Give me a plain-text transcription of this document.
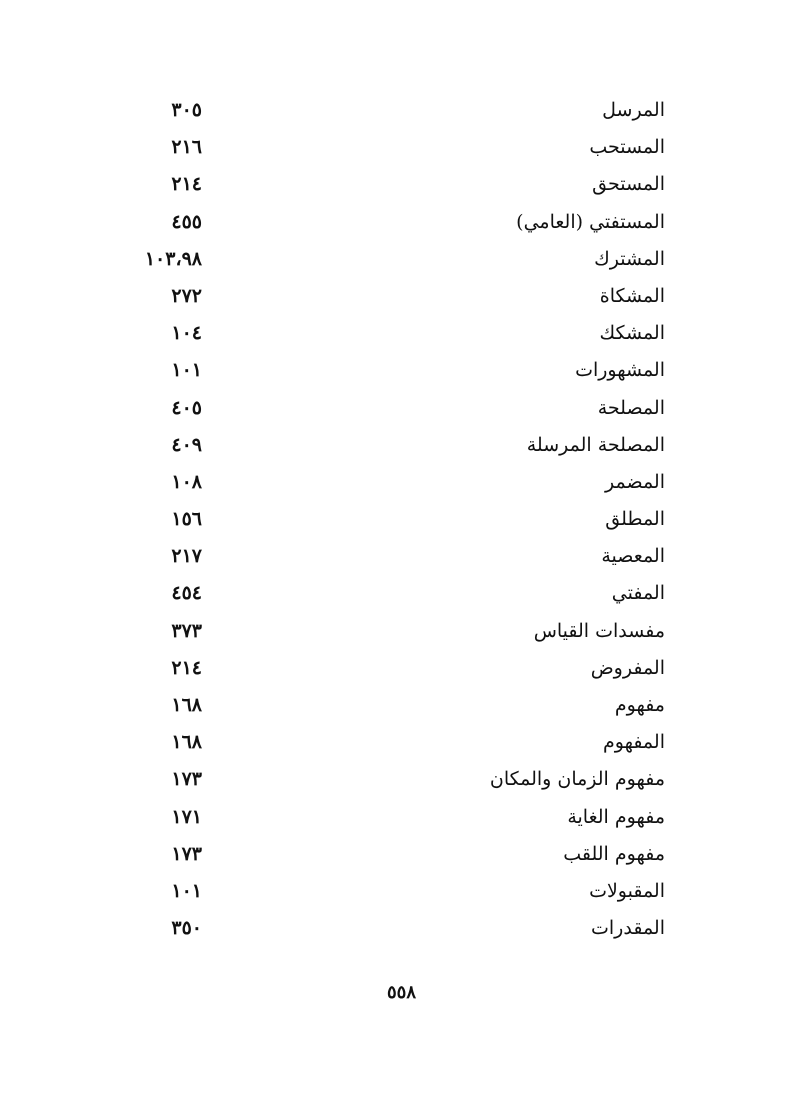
المرسل
٣٠٥
المستحب
٢١٦
المستحق
٢١٤
المستفتي (العامي)
٤٥٥
المشترك
١٠٣،٩٨
المشكاة
٢٧٢
المشكك
١٠٤
المشهورات
١٠١
المصلحة
٤٠٥
المصلحة المرسلة
٤٠٩
المضمر
١٠٨
المطلق
١٥٦
المعصية
٢١٧
المفتي
٤٥٤
مفسدات القياس
٣٧٣
المفروض
٢١٤
مفهوم
١٦٨
المفهوم
١٦٨
مفهوم الزمان والمكان
١٧٣
مفهوم الغاية
١٧١
مفهوم اللقب
١٧٣
المقبولات
١٠١
المقدرات
٣٥٠
٥٥٨
